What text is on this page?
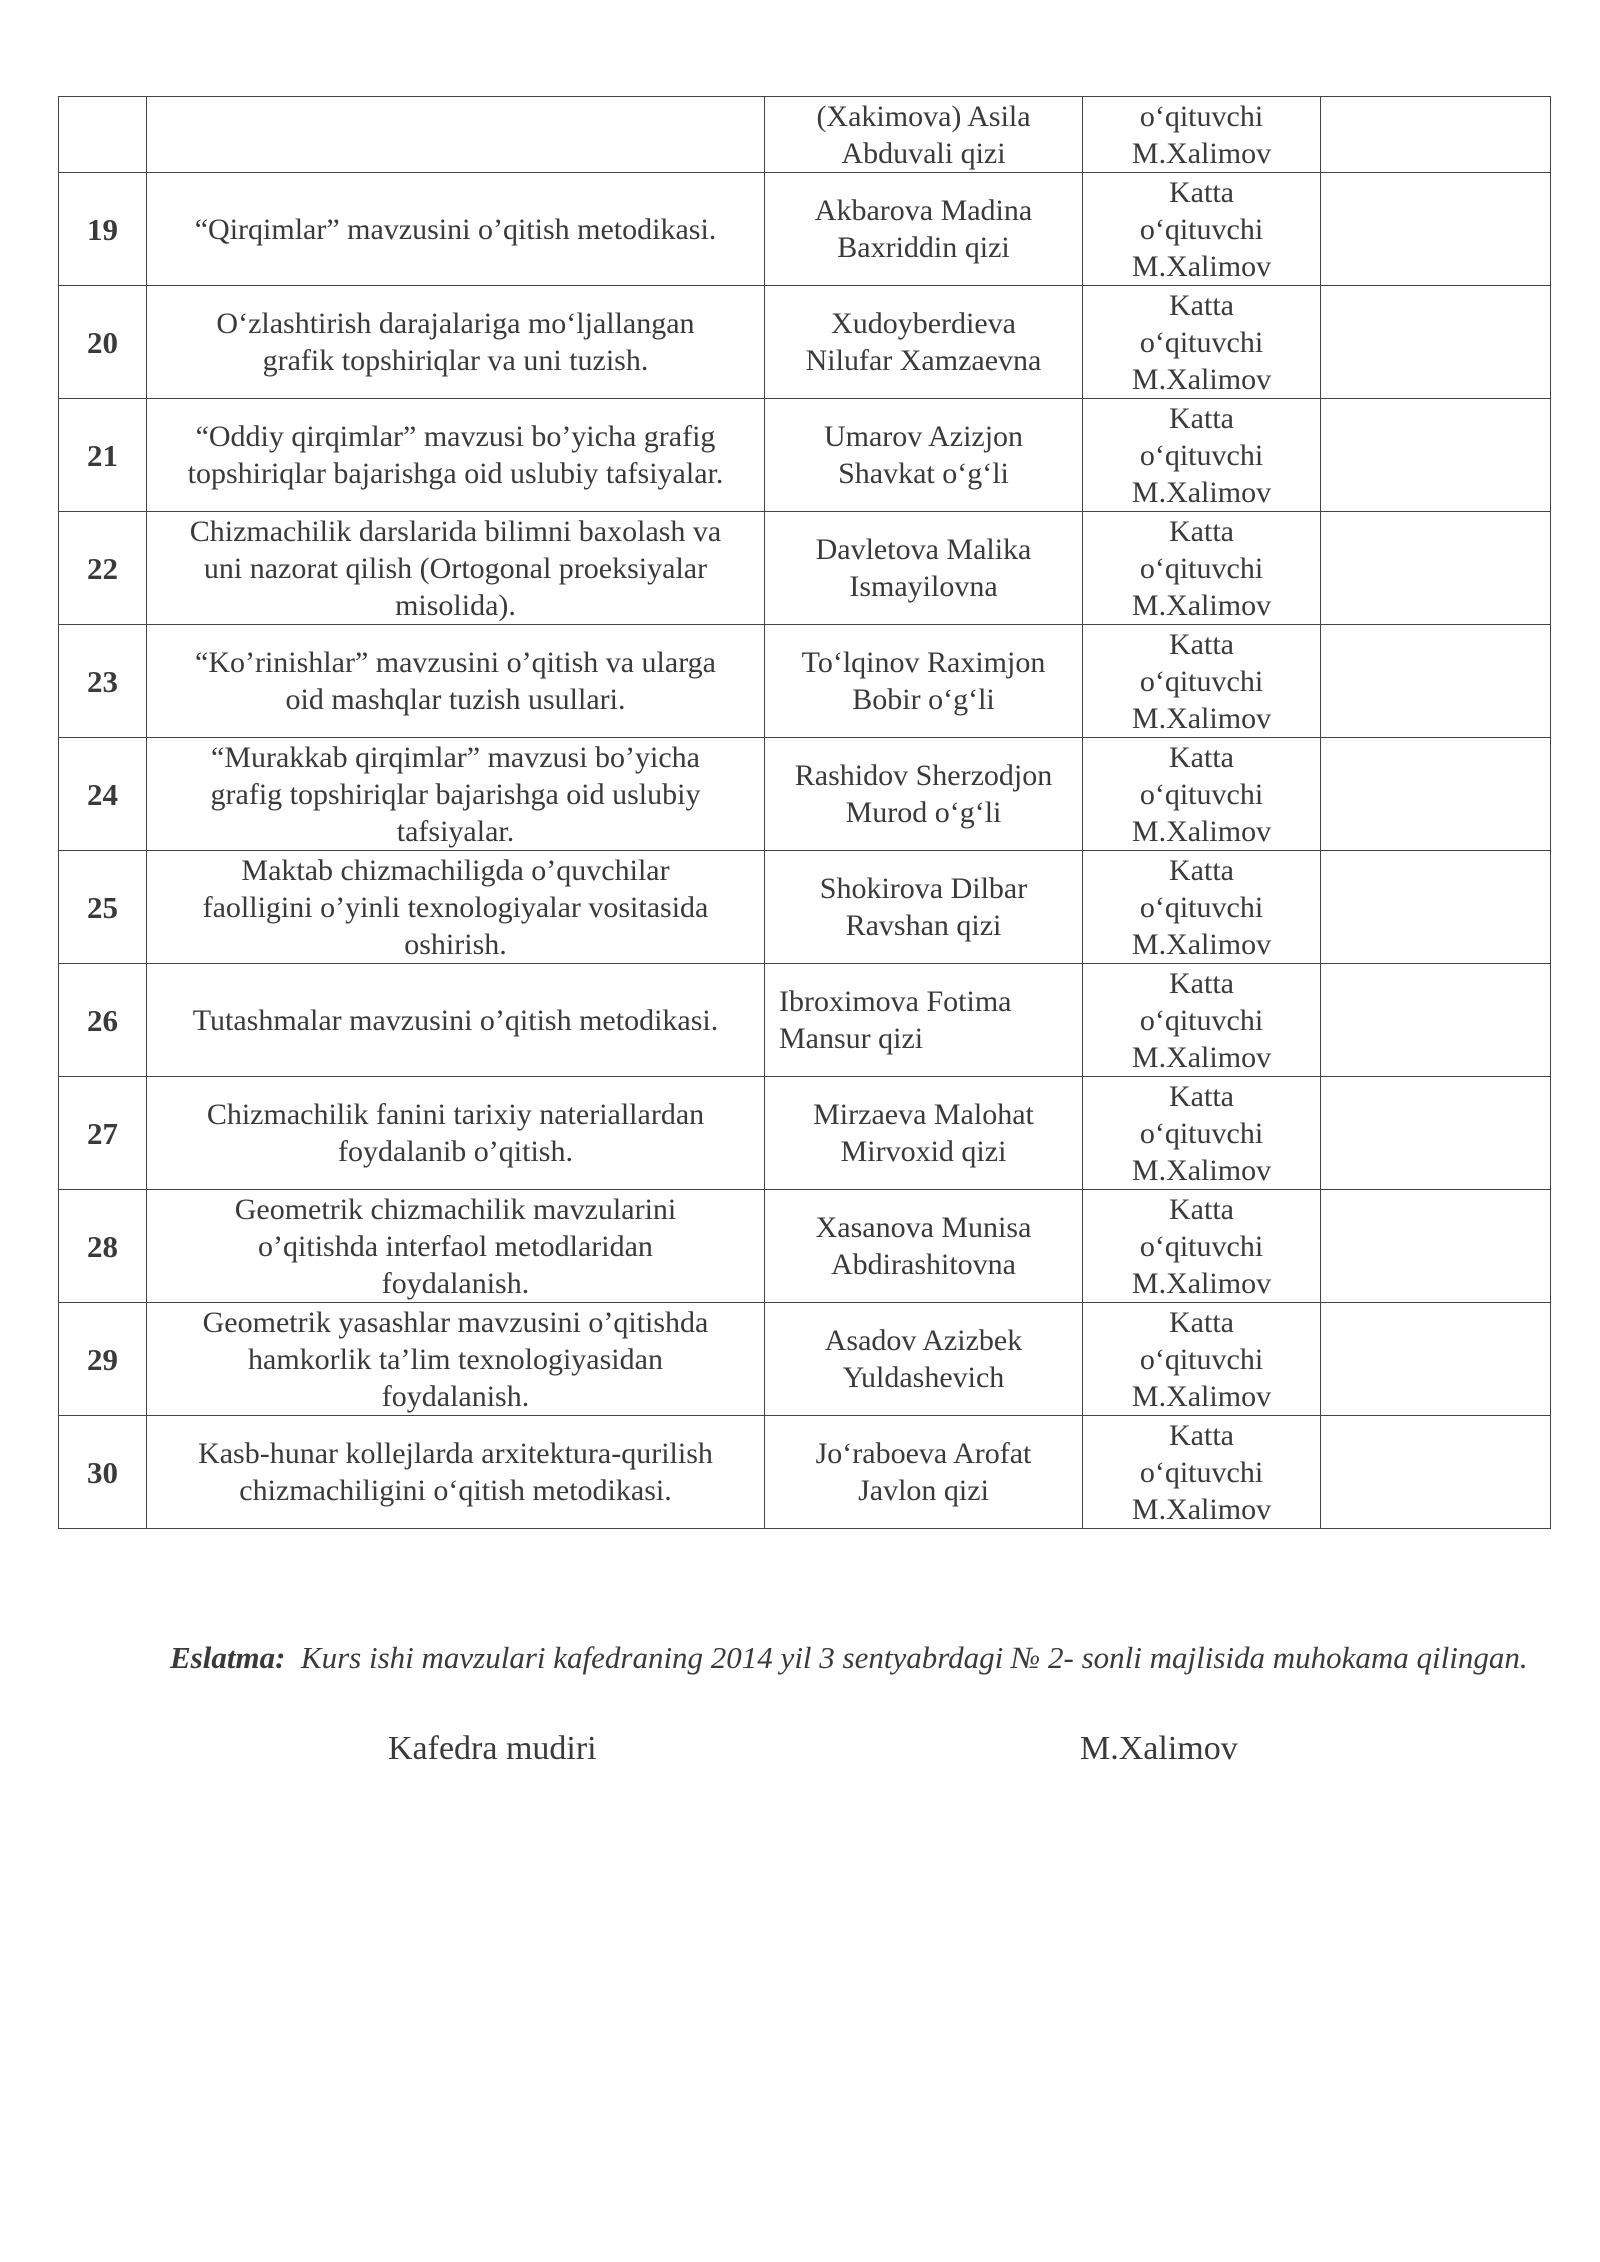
		(Xakimova) Asila
Abduvali qizi	o‘qituvchi
M.Xalimov	
19	“Qirqimlar” mavzusini o’qitish metodikasi.	Akbarova Madina
Baxriddin qizi	Katta
o‘qituvchi
M.Xalimov	
20	O‘zlashtirish darajalariga mo‘ljallangan
grafik topshiriqlar va uni tuzish.	Xudoyberdieva
Nilufar Xamzaevna	Katta
o‘qituvchi
M.Xalimov	
21	“Oddiy qirqimlar” mavzusi bo’yicha grafig
topshiriqlar bajarishga oid uslubiy tafsiyalar.	Umarov Azizjon
Shavkat o‘g‘li	Katta
o‘qituvchi
M.Xalimov	
22	Chizmachilik darslarida bilimni baxolash va
uni nazorat qilish (Ortogonal proeksiyalar
misolida).	Davletova Malika
Ismayilovna	Katta
o‘qituvchi
M.Xalimov	
23	“Ko’rinishlar” mavzusini o’qitish va ularga
oid mashqlar tuzish usullari.	To‘lqinov Raximjon
Bobir o‘g‘li	Katta
o‘qituvchi
M.Xalimov	
24	“Murakkab qirqimlar” mavzusi bo’yicha
grafig topshiriqlar bajarishga oid uslubiy
tafsiyalar.	Rashidov Sherzodjon
Murod o‘g‘li	Katta
o‘qituvchi
M.Xalimov	
25	Maktab chizmachiligda o’quvchilar
faolligini o’yinli texnologiyalar vositasida
oshirish.	Shokirova Dilbar
Ravshan qizi	Katta
o‘qituvchi
M.Xalimov	
26	Tutashmalar mavzusini o’qitish metodikasi.	Ibroximova Fotima
Mansur qizi	Katta
o‘qituvchi
M.Xalimov	
27	Chizmachilik fanini tarixiy nateriallardan
foydalanib o’qitish.	Mirzaeva Malohat
Mirvoxid qizi	Katta
o‘qituvchi
M.Xalimov	
28	Geometrik chizmachilik mavzularini
o’qitishda interfaol metodlaridan
foydalanish.	Xasanova Munisa
Abdirashitovna	Katta
o‘qituvchi
M.Xalimov	
29	Geometrik yasashlar mavzusini o’qitishda
hamkorlik ta’lim texnologiyasidan
foydalanish.	Asadov Azizbek
Yuldashevich	Katta
o‘qituvchi
M.Xalimov	
30	Kasb-hunar kollejlarda arxitektura-qurilish
chizmachiligini o‘qitish metodikasi.	Jo‘raboeva Arofat
Javlon qizi	Katta
o‘qituvchi
M.Xalimov	

Eslatma: Kurs ishi mavzulari kafedraning 2014 yil 3 sentyabrdagi № 2- sonli majlisida muhokama qilingan.

Kafedra mudiri	M.Xalimov
